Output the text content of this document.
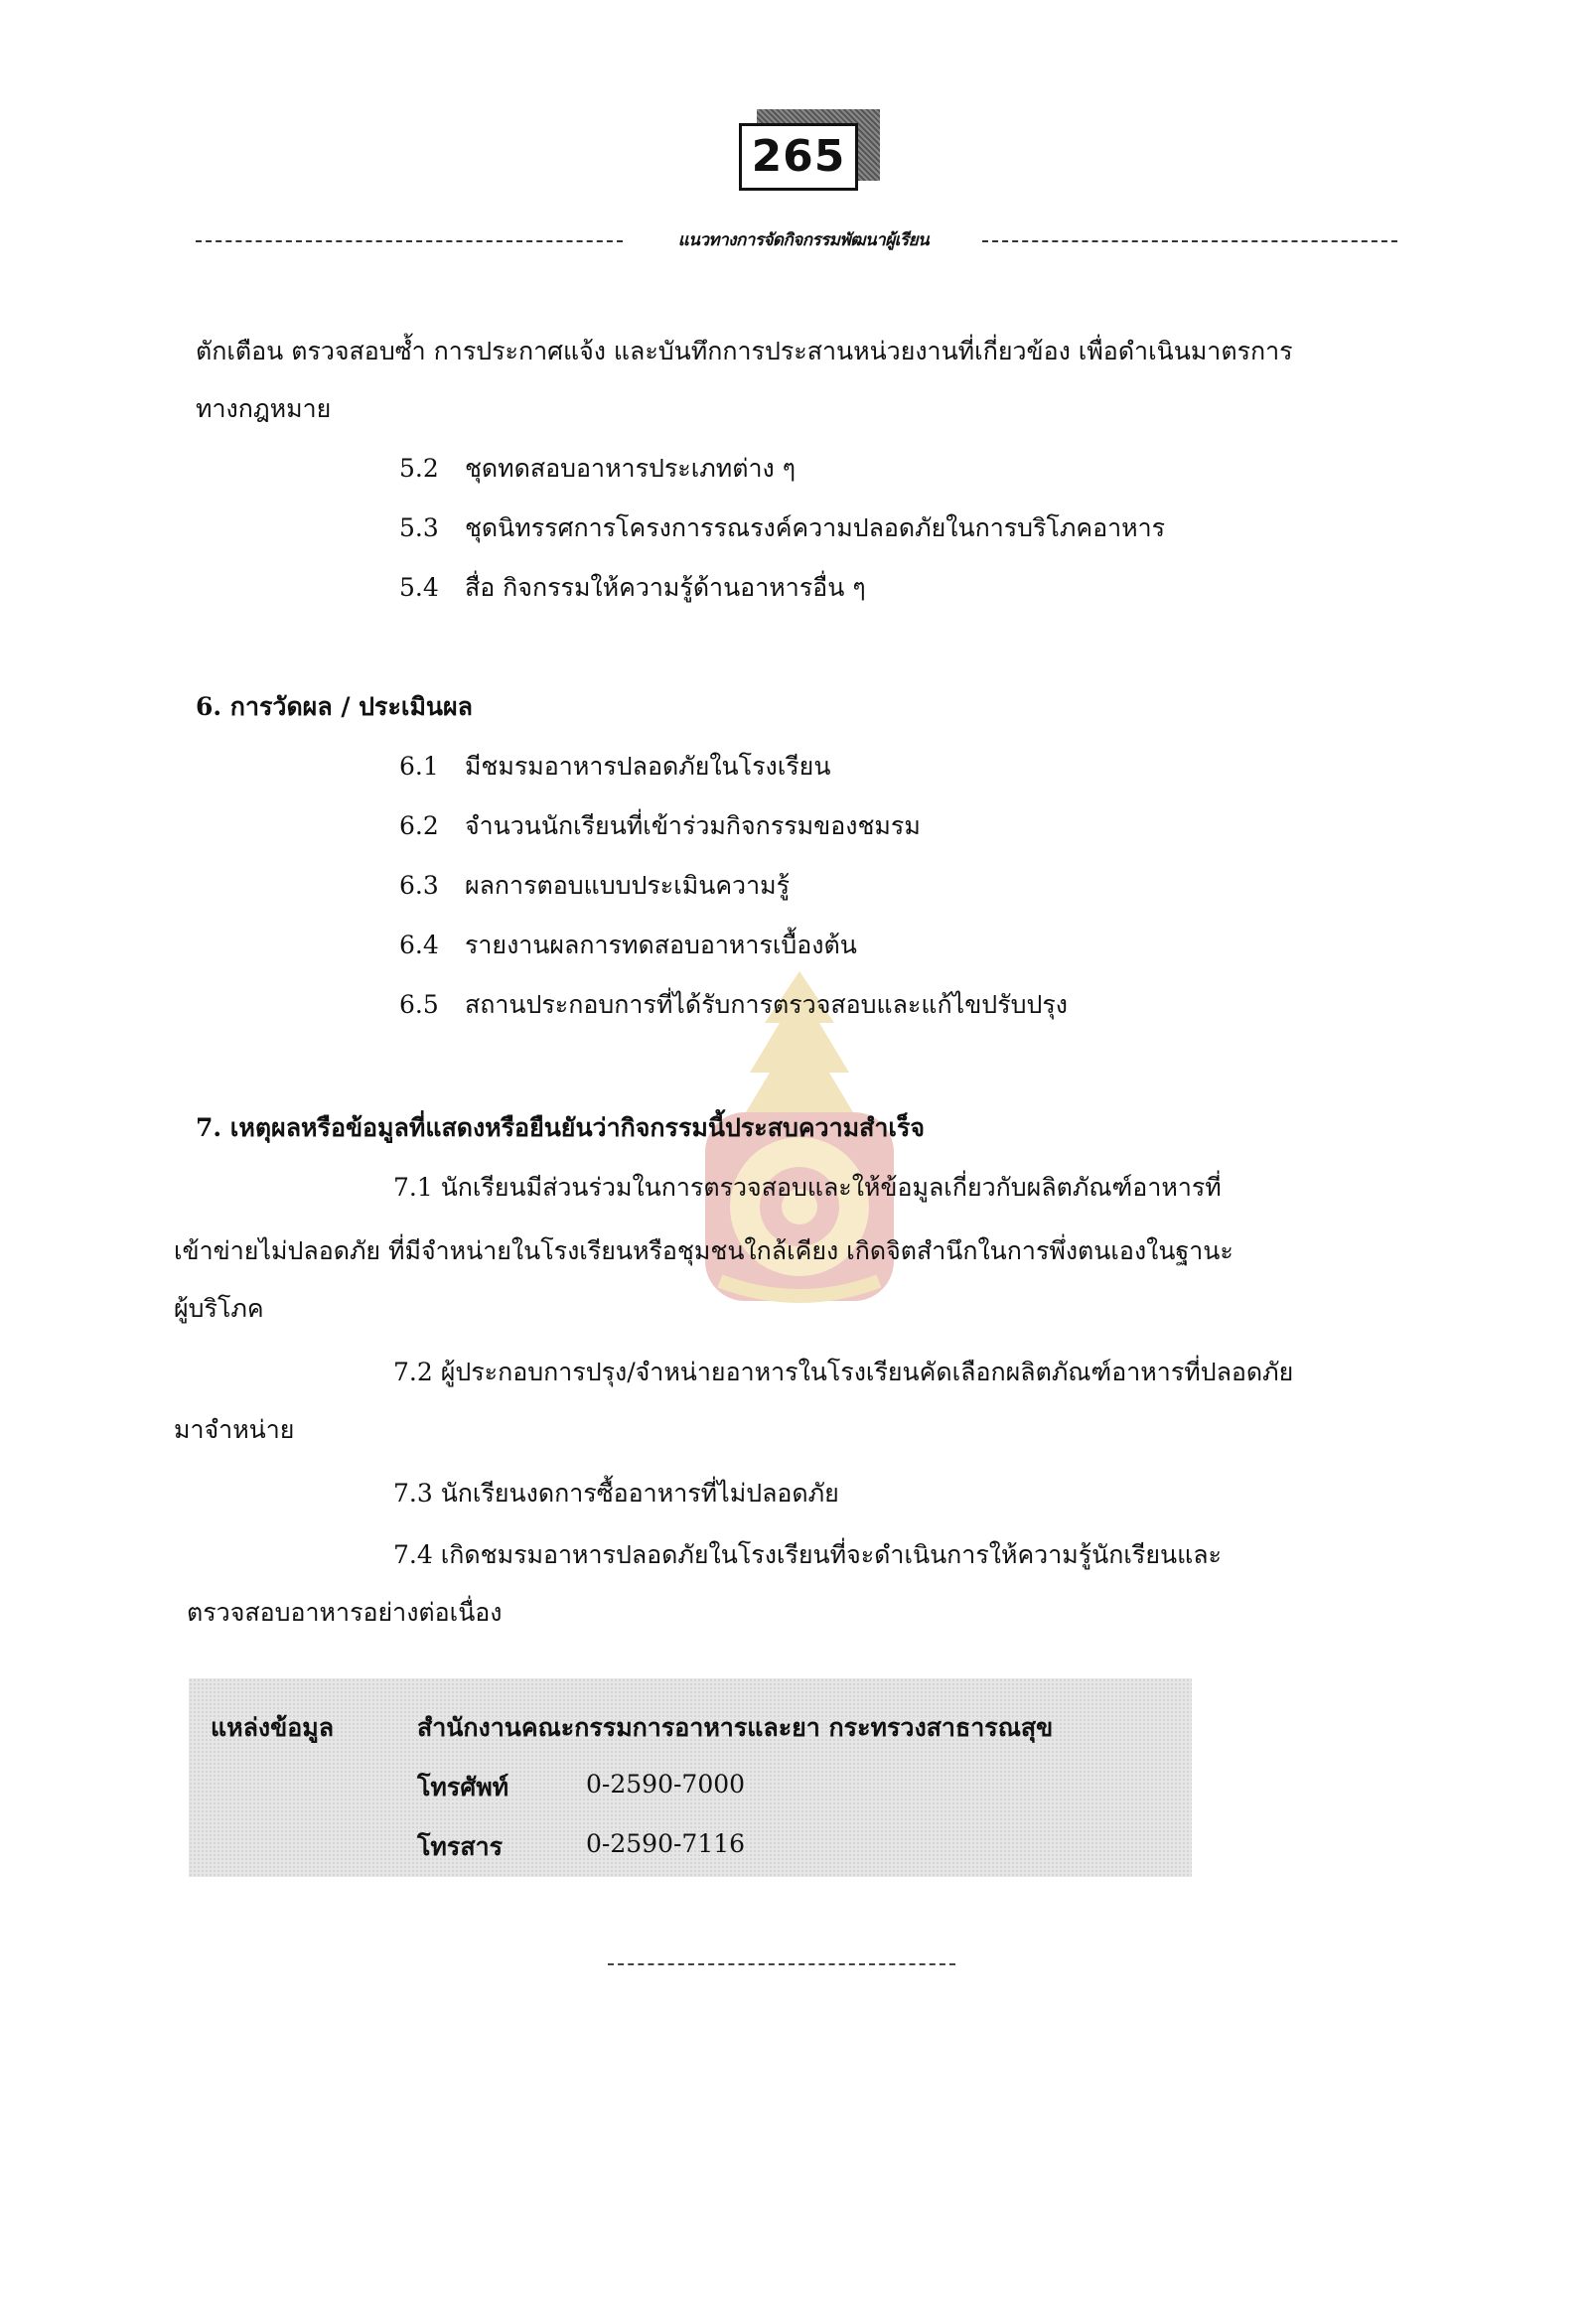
265
แนวทางการจัดกิจกรรมพัฒนาผู้เรียน
ตักเตือน ตรวจสอบซ้ำ การประกาศแจ้ง และบันทึกการประสานหน่วยงานที่เกี่ยวข้อง เพื่อดำเนินมาตรการ
ทางกฎหมาย
5.2 ชุดทดสอบอาหารประเภทต่าง ๆ
5.3 ชุดนิทรรศการโครงการรณรงค์ความปลอดภัยในการบริโภคอาหาร
5.4 สื่อ กิจกรรมให้ความรู้ด้านอาหารอื่น ๆ
6. การวัดผล / ประเมินผล
6.1 มีชมรมอาหารปลอดภัยในโรงเรียน
6.2 จำนวนนักเรียนที่เข้าร่วมกิจกรรมของชมรม
6.3 ผลการตอบแบบประเมินความรู้
6.4 รายงานผลการทดสอบอาหารเบื้องต้น
6.5 สถานประกอบการที่ได้รับการตรวจสอบและแก้ไขปรับปรุง
7. เหตุผลหรือข้อมูลที่แสดงหรือยืนยันว่ากิจกรรมนี้ประสบความสำเร็จ
7.1 นักเรียนมีส่วนร่วมในการตรวจสอบและให้ข้อมูลเกี่ยวกับผลิตภัณฑ์อาหารที่
เข้าข่ายไม่ปลอดภัย ที่มีจำหน่ายในโรงเรียนหรือชุมชนใกล้เคียง เกิดจิตสำนึกในการพึ่งตนเองในฐานะ
ผู้บริโภค
7.2 ผู้ประกอบการปรุง/จำหน่ายอาหารในโรงเรียนคัดเลือกผลิตภัณฑ์อาหารที่ปลอดภัย
มาจำหน่าย
7.3 นักเรียนงดการซื้ออาหารที่ไม่ปลอดภัย
7.4 เกิดชมรมอาหารปลอดภัยในโรงเรียนที่จะดำเนินการให้ความรู้นักเรียนและ
ตรวจสอบอาหารอย่างต่อเนื่อง
แหล่งข้อมูล	สำนักงานคณะกรรมการอาหารและยา กระทรวงสาธารณสุข
โทรศัพท์	0-2590-7000
โทรสาร	0-2590-7116
